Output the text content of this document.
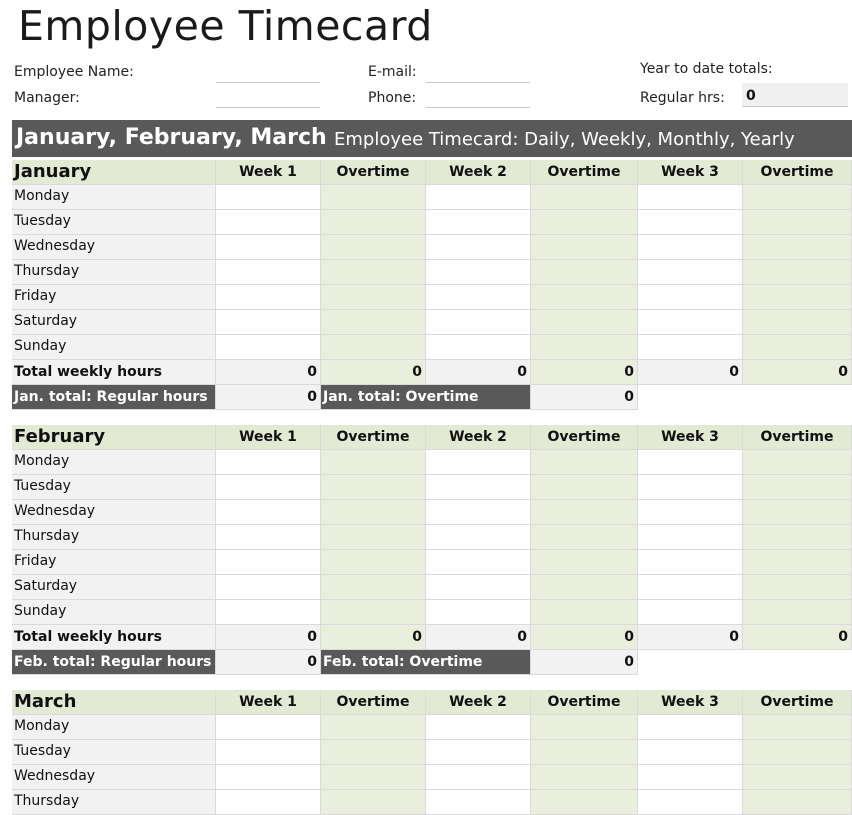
Employee Timecard
Employee Name:
Manager:
E-mail:
Phone:
Year to date totals:
Regular hrs: 0
January, February, March Employee Timecard: Daily, Weekly, Monthly, Yearly
January	Week 1	Overtime	Week 2	Overtime	Week 3	Overtime
Monday
Tuesday
Wednesday
Thursday
Friday
Saturday
Sunday
Total weekly hours	0	0	0	0	0	0
Jan. total: Regular hours	0 Jan. total: Overtime	0
February	Week 1	Overtime	Week 2	Overtime	Week 3	Overtime
Monday
Tuesday
Wednesday
Thursday
Friday
Saturday
Sunday
Total weekly hours	0	0	0	0	0	0
Feb. total: Regular hours	0 Feb. total: Overtime	0
March	Week 1	Overtime	Week 2	Overtime	Week 3	Overtime
Monday
Tuesday
Wednesday
Thursday
